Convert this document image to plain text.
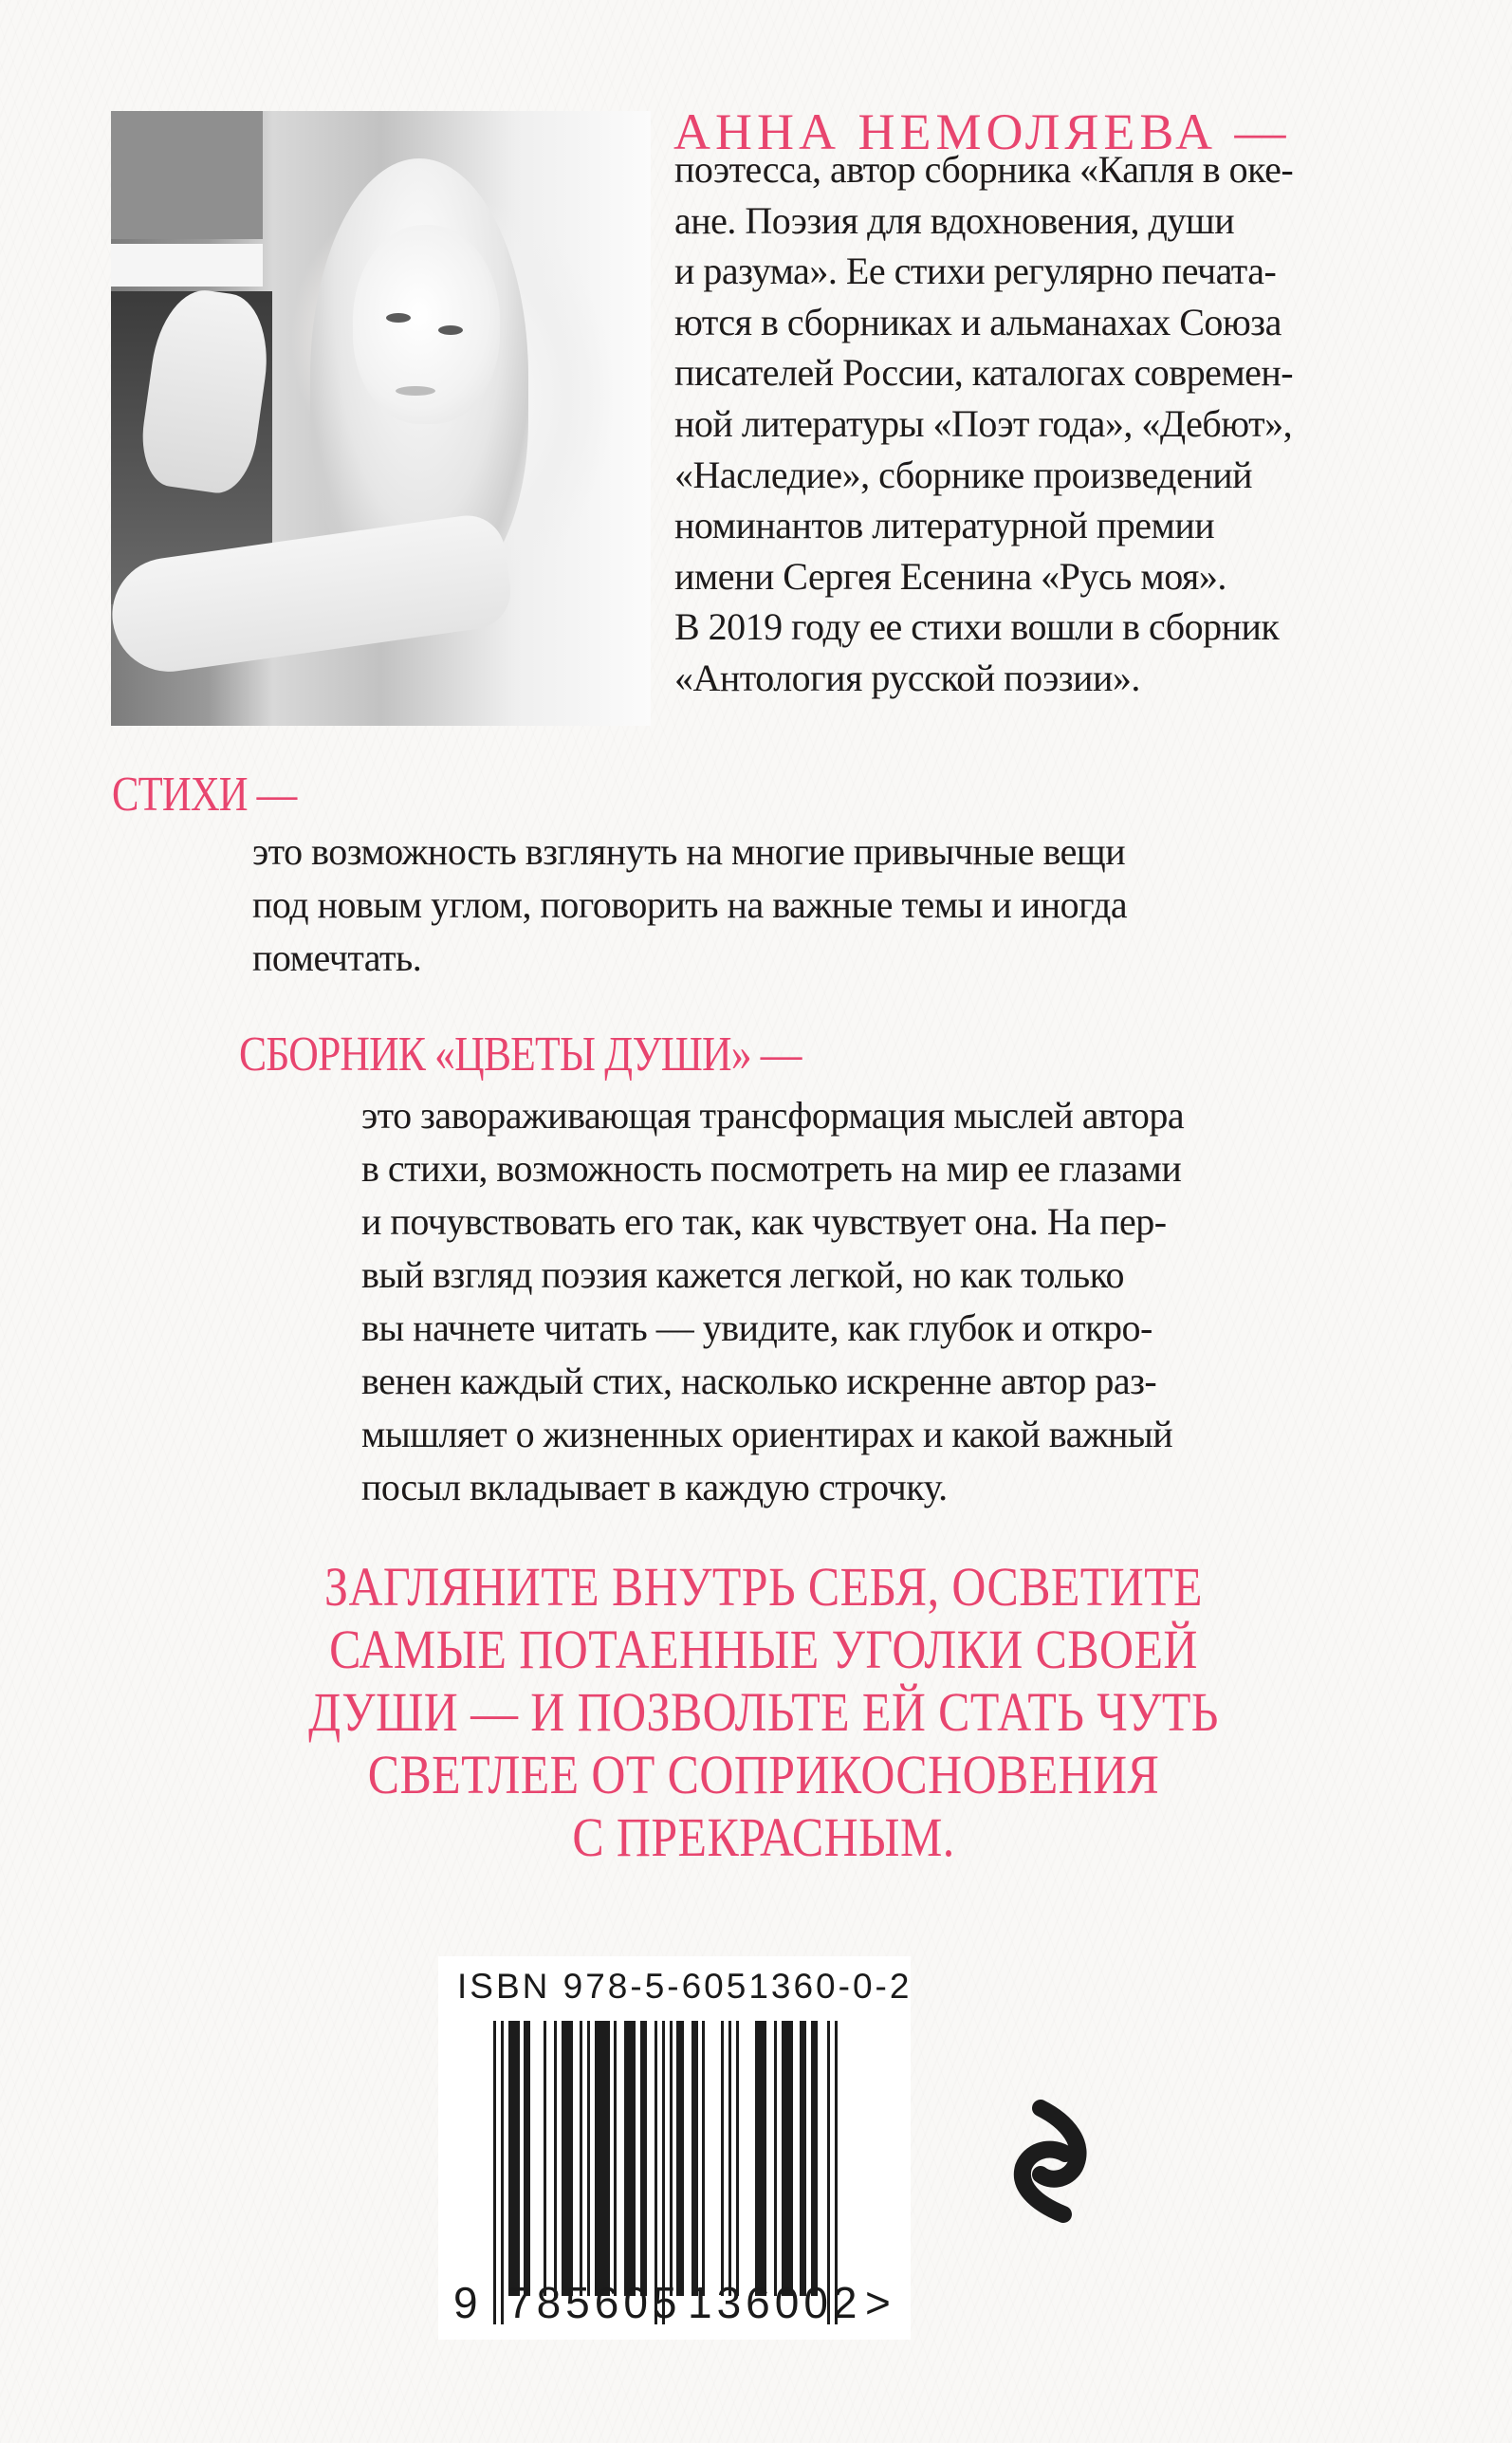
АННА НЕМОЛЯЕВА —
поэтесса, автор сборника «Капля в оке-
ане. Поэзия для вдохновения, души
и разума». Ее стихи регулярно печата-
ются в сборниках и альманахах Союза
писателей России, каталогах современ-
ной литературы «Поэт года», «Дебют»,
«Наследие», сборнике произведений
номинантов литературной премии
имени Сергея Есенина «Русь моя».
В 2019 году ее стихи вошли в сборник
«Антология русской поэзии».
СТИХИ —
это возможность взглянуть на многие привычные вещи
под новым углом, поговорить на важные темы и иногда
помечтать.
СБОРНИК «ЦВЕТЫ ДУШИ» —
это завораживающая трансформация мыслей автора
в стихи, возможность посмотреть на мир ее глазами
и почувствовать его так, как чувствует она. На пер-
вый взгляд поэзия кажется легкой, но как только
вы начнете читать — увидите, как глубок и откро-
венен каждый стих, насколько искренне автор раз-
мышляет о жизненных ориентирах и какой важный
посыл вкладывает в каждую строчку.
ЗАГЛЯНИТЕ ВНУТРЬ СЕБЯ, ОСВЕТИТЕ
САМЫЕ ПОТАЕННЫЕ УГОЛКИ СВОЕЙ
ДУШИ — И ПОЗВОЛЬТЕ ЕЙ СТАТЬ ЧУТЬ
СВЕТЛЕЕ ОТ СОПРИКОСНОВЕНИЯ
С ПРЕКРАСНЫМ.
ISBN 978-5-6051360-0-2
9 785605 136002 >
